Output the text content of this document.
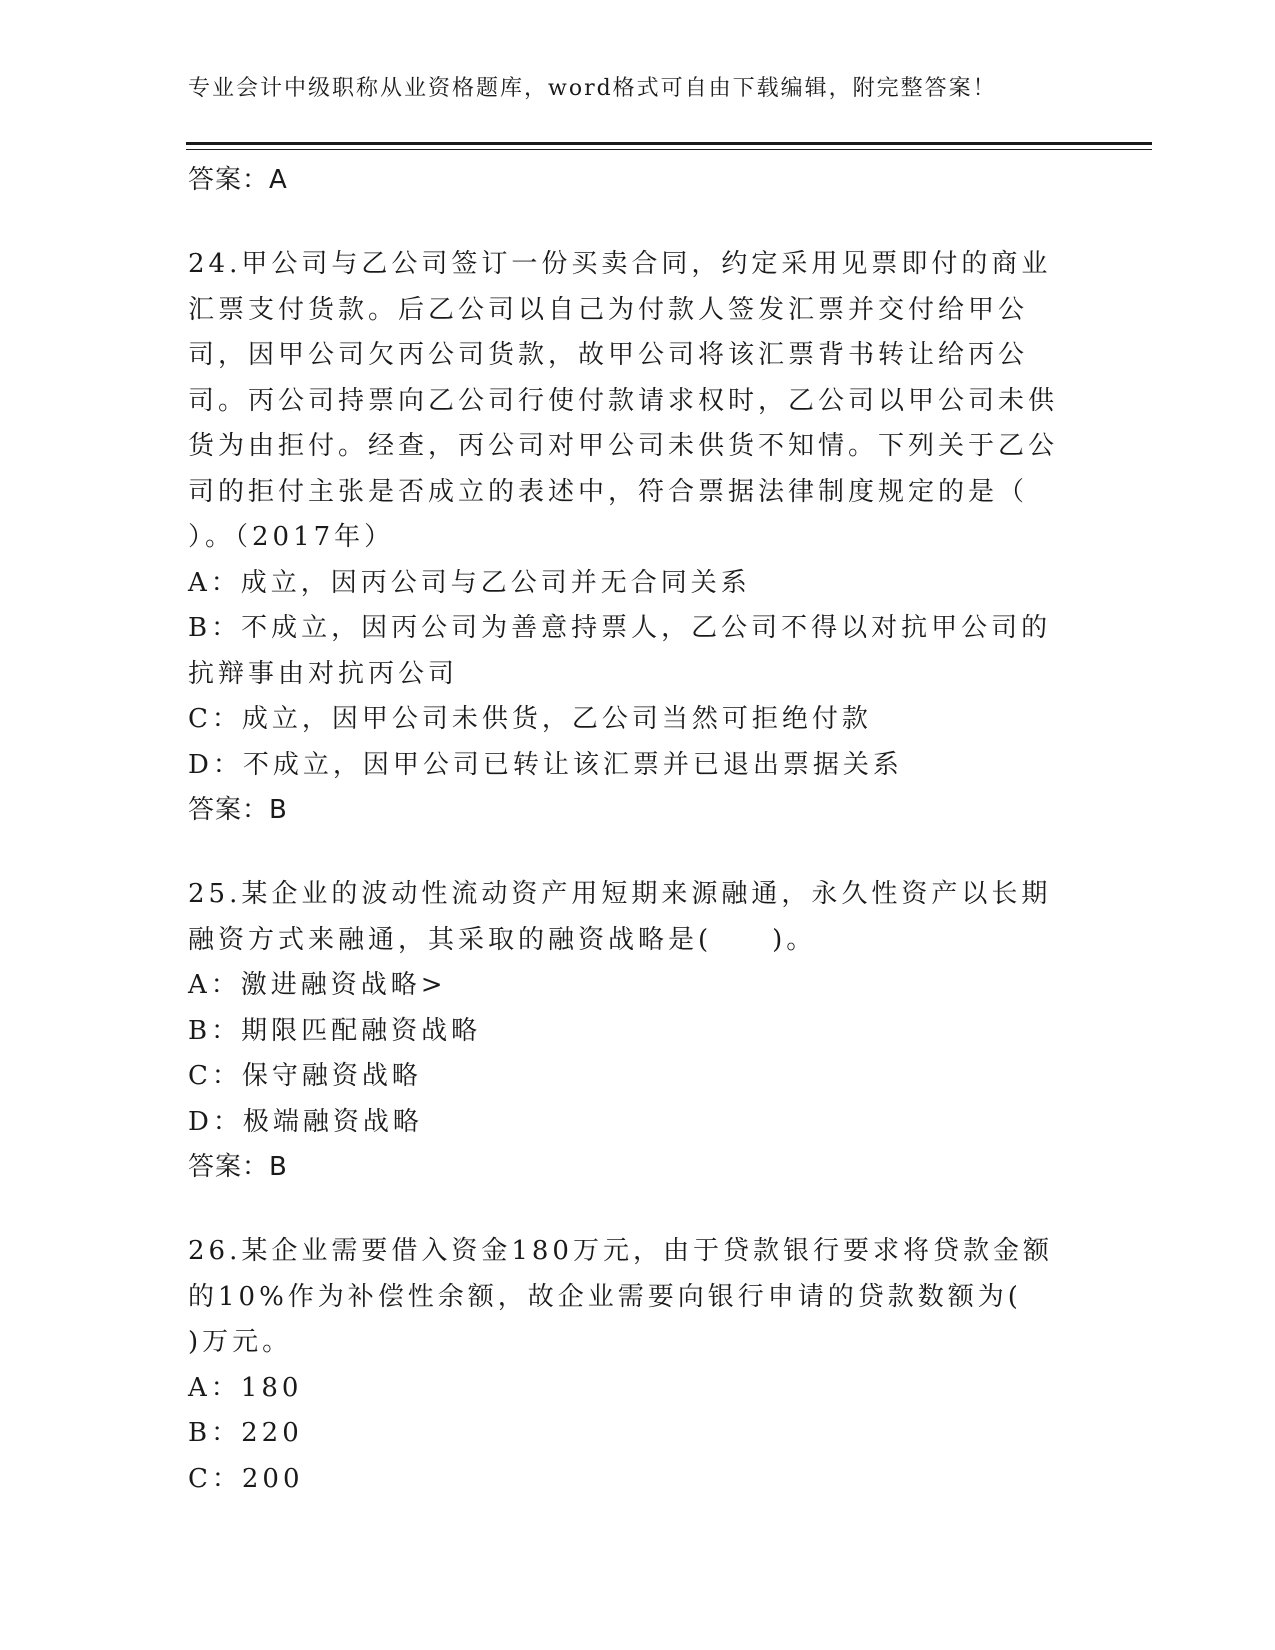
专业会计中级职称从业资格题库，word格式可自由下载编辑，附完整答案！
答案：A
24.甲公司与乙公司签订一份买卖合同，约定采用见票即付的商业汇票支付货款。后乙公司以自己为付款人签发汇票并交付给甲公司，因甲公司欠丙公司货款，故甲公司将该汇票背书转让给丙公司。丙公司持票向乙公司行使付款请求权时，乙公司以甲公司未供货为由拒付。经查，丙公司对甲公司未供货不知情。下列关于乙公司的拒付主张是否成立的表述中，符合票据法律制度规定的是（ ）。（2017年）
A：成立，因丙公司与乙公司并无合同关系
B：不成立，因丙公司为善意持票人，乙公司不得以对抗甲公司的抗辩事由对抗丙公司
C：成立，因甲公司未供货，乙公司当然可拒绝付款
D：不成立，因甲公司已转让该汇票并已退出票据关系
答案：B
25.某企业的波动性流动资产用短期来源融通，永久性资产以长期融资方式来融通，其采取的融资战略是(　　)。
A：激进融资战略>
B：期限匹配融资战略
C：保守融资战略
D：极端融资战略
答案：B
26.某企业需要借入资金180万元，由于贷款银行要求将贷款金额的10%作为补偿性余额，故企业需要向银行申请的贷款数额为(　　)万元。
A：180
B：220
C：200
